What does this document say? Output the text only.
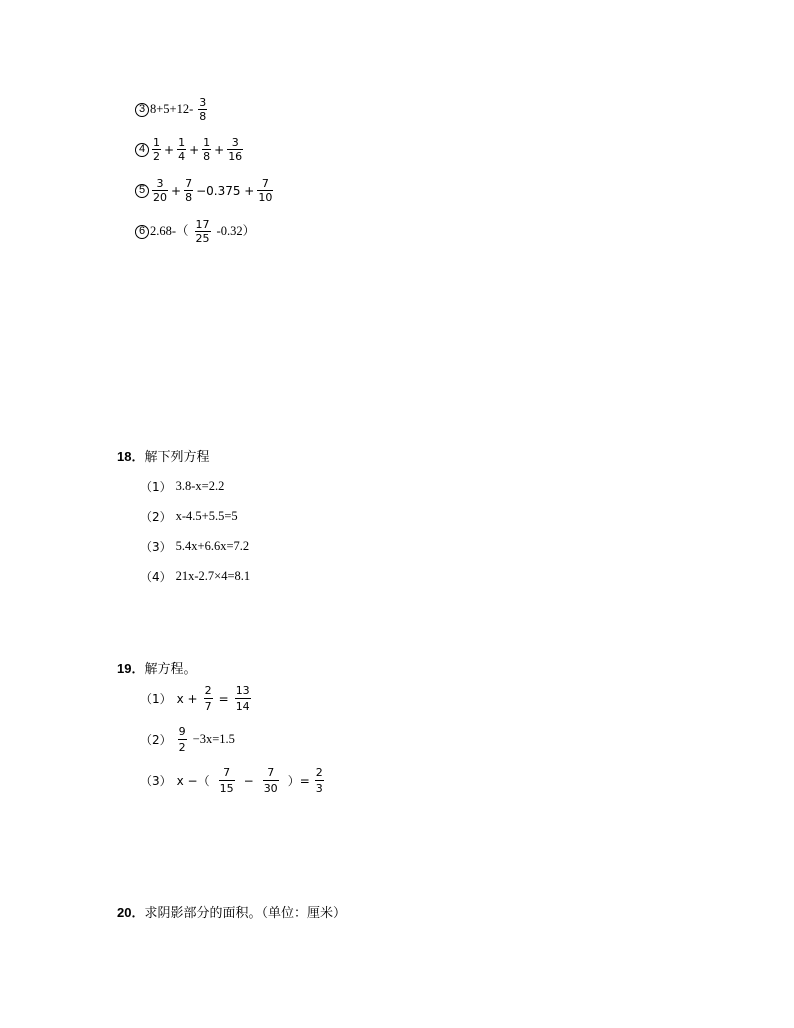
3 $8+5+12- \frac{3}{8}$
$4 \frac{1}{2} + \frac{1}{4} + \frac{1}{8} + \frac{3}{16}$
$5 \frac{3}{20} + \frac{7}{8} -0.375 + \frac{7}{10}$
6 $2.68-( \frac{17}{25} -0.32)$
18．解下列方程
（1） 3.8-x=2.2
（2） x-4.5+5.5=5
（3） 5.4x+6.6x=7.2
（4） 21x-2.7×4=8.1
19．解方程。
（1） $x + \frac{2}{7} = \frac{13}{14}$
$(2) \frac{9}{2} -3x=1.5$
（3） x −（ $\frac{7}{15} - \frac{7}{30}$ ）= $\frac{2}{3}$
20．求阴影部分的面积。（单位：厘米）
